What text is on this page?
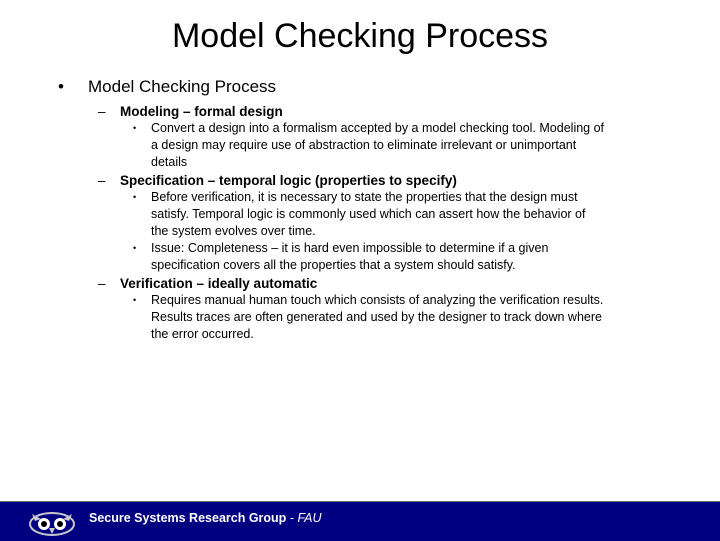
Model Checking Process
•	Model Checking Process
–	Modeling – formal design
•	Convert a design into a formalism accepted by a model checking tool. Modeling of
a design may require use of abstraction to eliminate irrelevant or unimportant
details
–	Specification – temporal logic (properties to specify)
•	Before verification, it is necessary to state the properties that the design must
satisfy. Temporal logic is commonly used which can assert how the behavior of
the system evolves over time.
•	Issue: Completeness – it is hard even impossible to determine if a given
specification covers all the properties that a system should satisfy.
–	Verification – ideally automatic
•	Requires manual human touch which consists of analyzing the verification results.
Results traces are often generated and used by the designer to track down where
the error occurred.
Secure Systems Research Group - FAU
